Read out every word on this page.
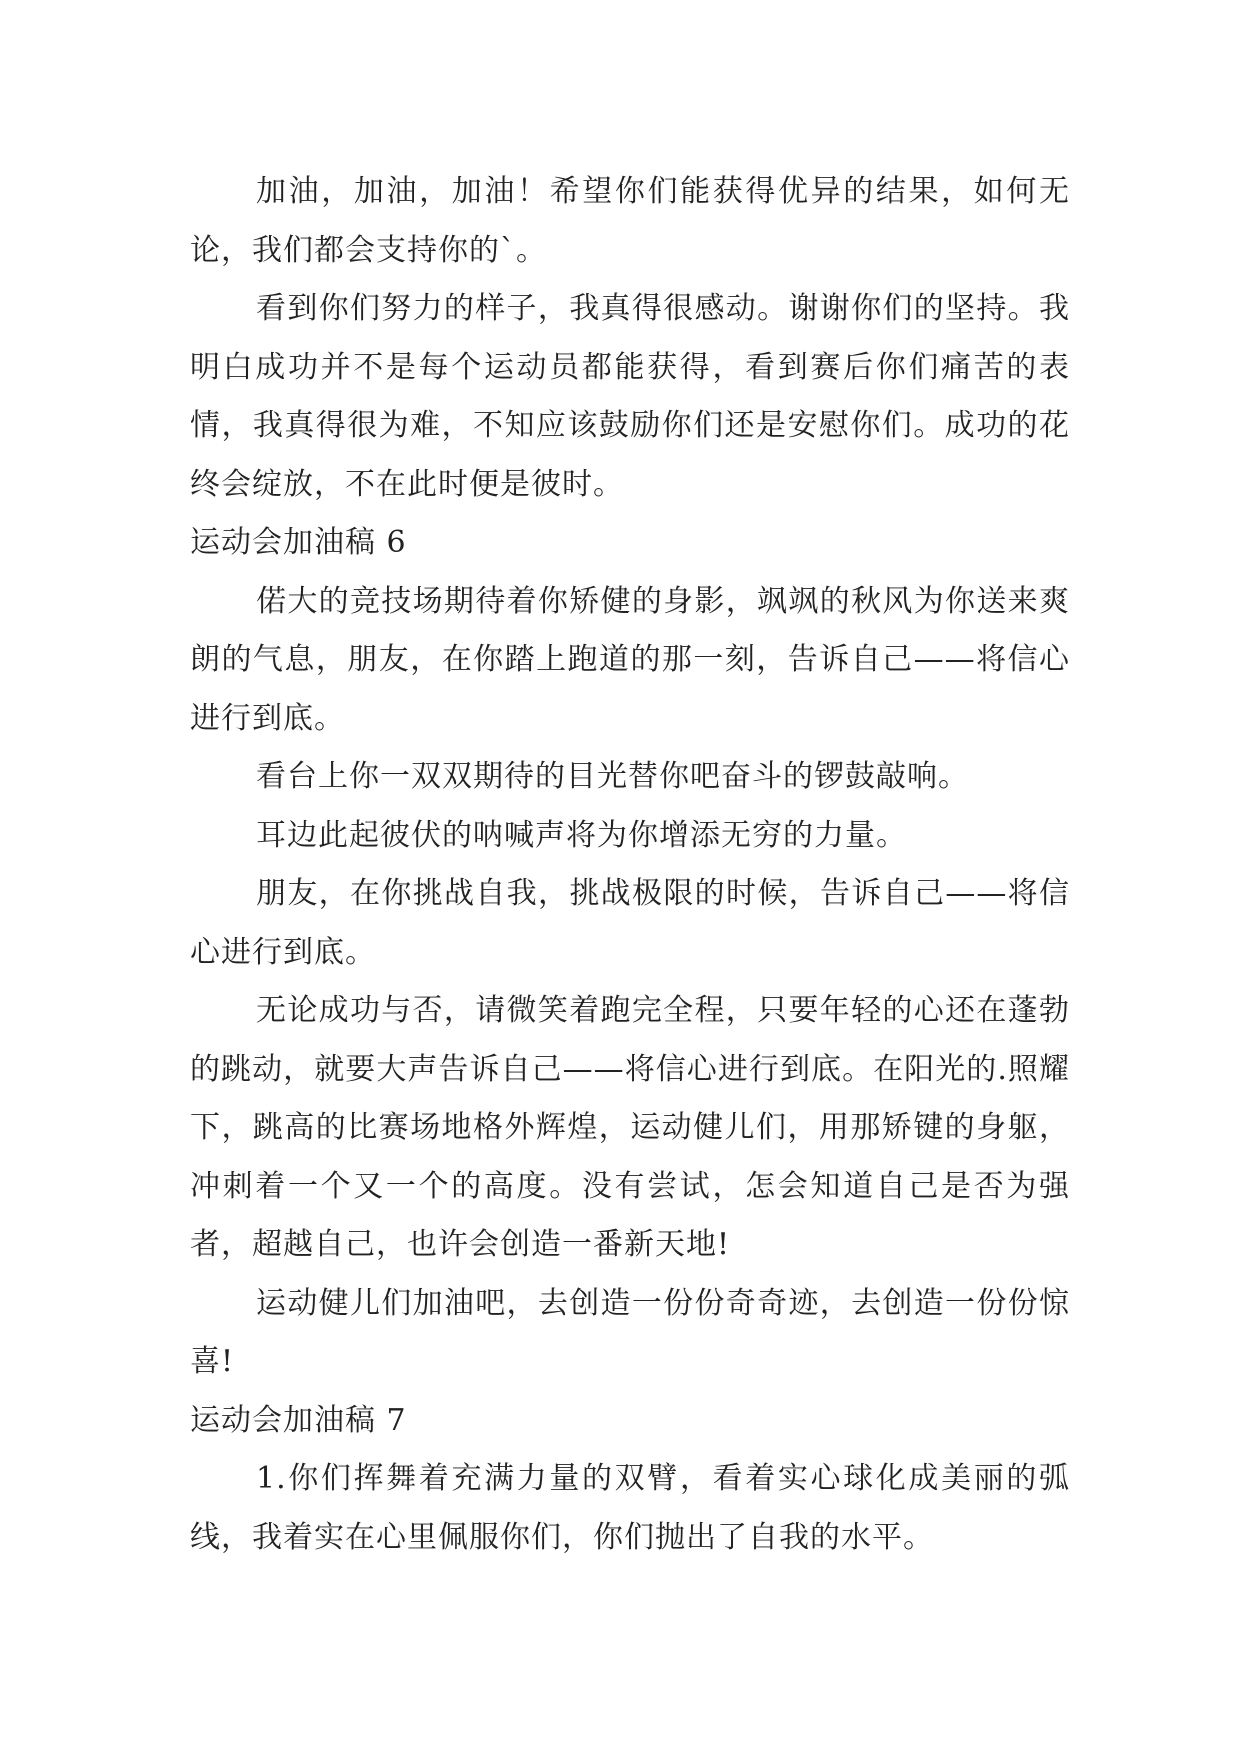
加油，加油，加油！希望你们能获得优异的结果，如何无论，我们都会支持你的`。

看到你们努力的样子，我真得很感动。谢谢你们的坚持。我明白成功并不是每个运动员都能获得，看到赛后你们痛苦的表情，我真得很为难，不知应该鼓励你们还是安慰你们。成功的花终会绽放，不在此时便是彼时。

运动会加油稿 6

偌大的竞技场期待着你矫健的身影，飒飒的秋风为你送来爽朗的气息，朋友，在你踏上跑道的那一刻，告诉自己——将信心进行到底。

看台上你一双双期待的目光替你吧奋斗的锣鼓敲响。

耳边此起彼伏的呐喊声将为你增添无穷的力量。

朋友，在你挑战自我，挑战极限的时候，告诉自己——将信心进行到底。

无论成功与否，请微笑着跑完全程，只要年轻的心还在蓬勃的跳动，就要大声告诉自己——将信心进行到底。在阳光的.照耀下，跳高的比赛场地格外辉煌，运动健儿们，用那矫键的身躯，冲刺着一个又一个的高度。没有尝试，怎会知道自己是否为强者，超越自己，也许会创造一番新天地!

运动健儿们加油吧，去创造一份份奇奇迹，去创造一份份惊喜!

运动会加油稿 7

1.你们挥舞着充满力量的双臂，看着实心球化成美丽的弧线，我着实在心里佩服你们，你们抛出了自我的水平。
